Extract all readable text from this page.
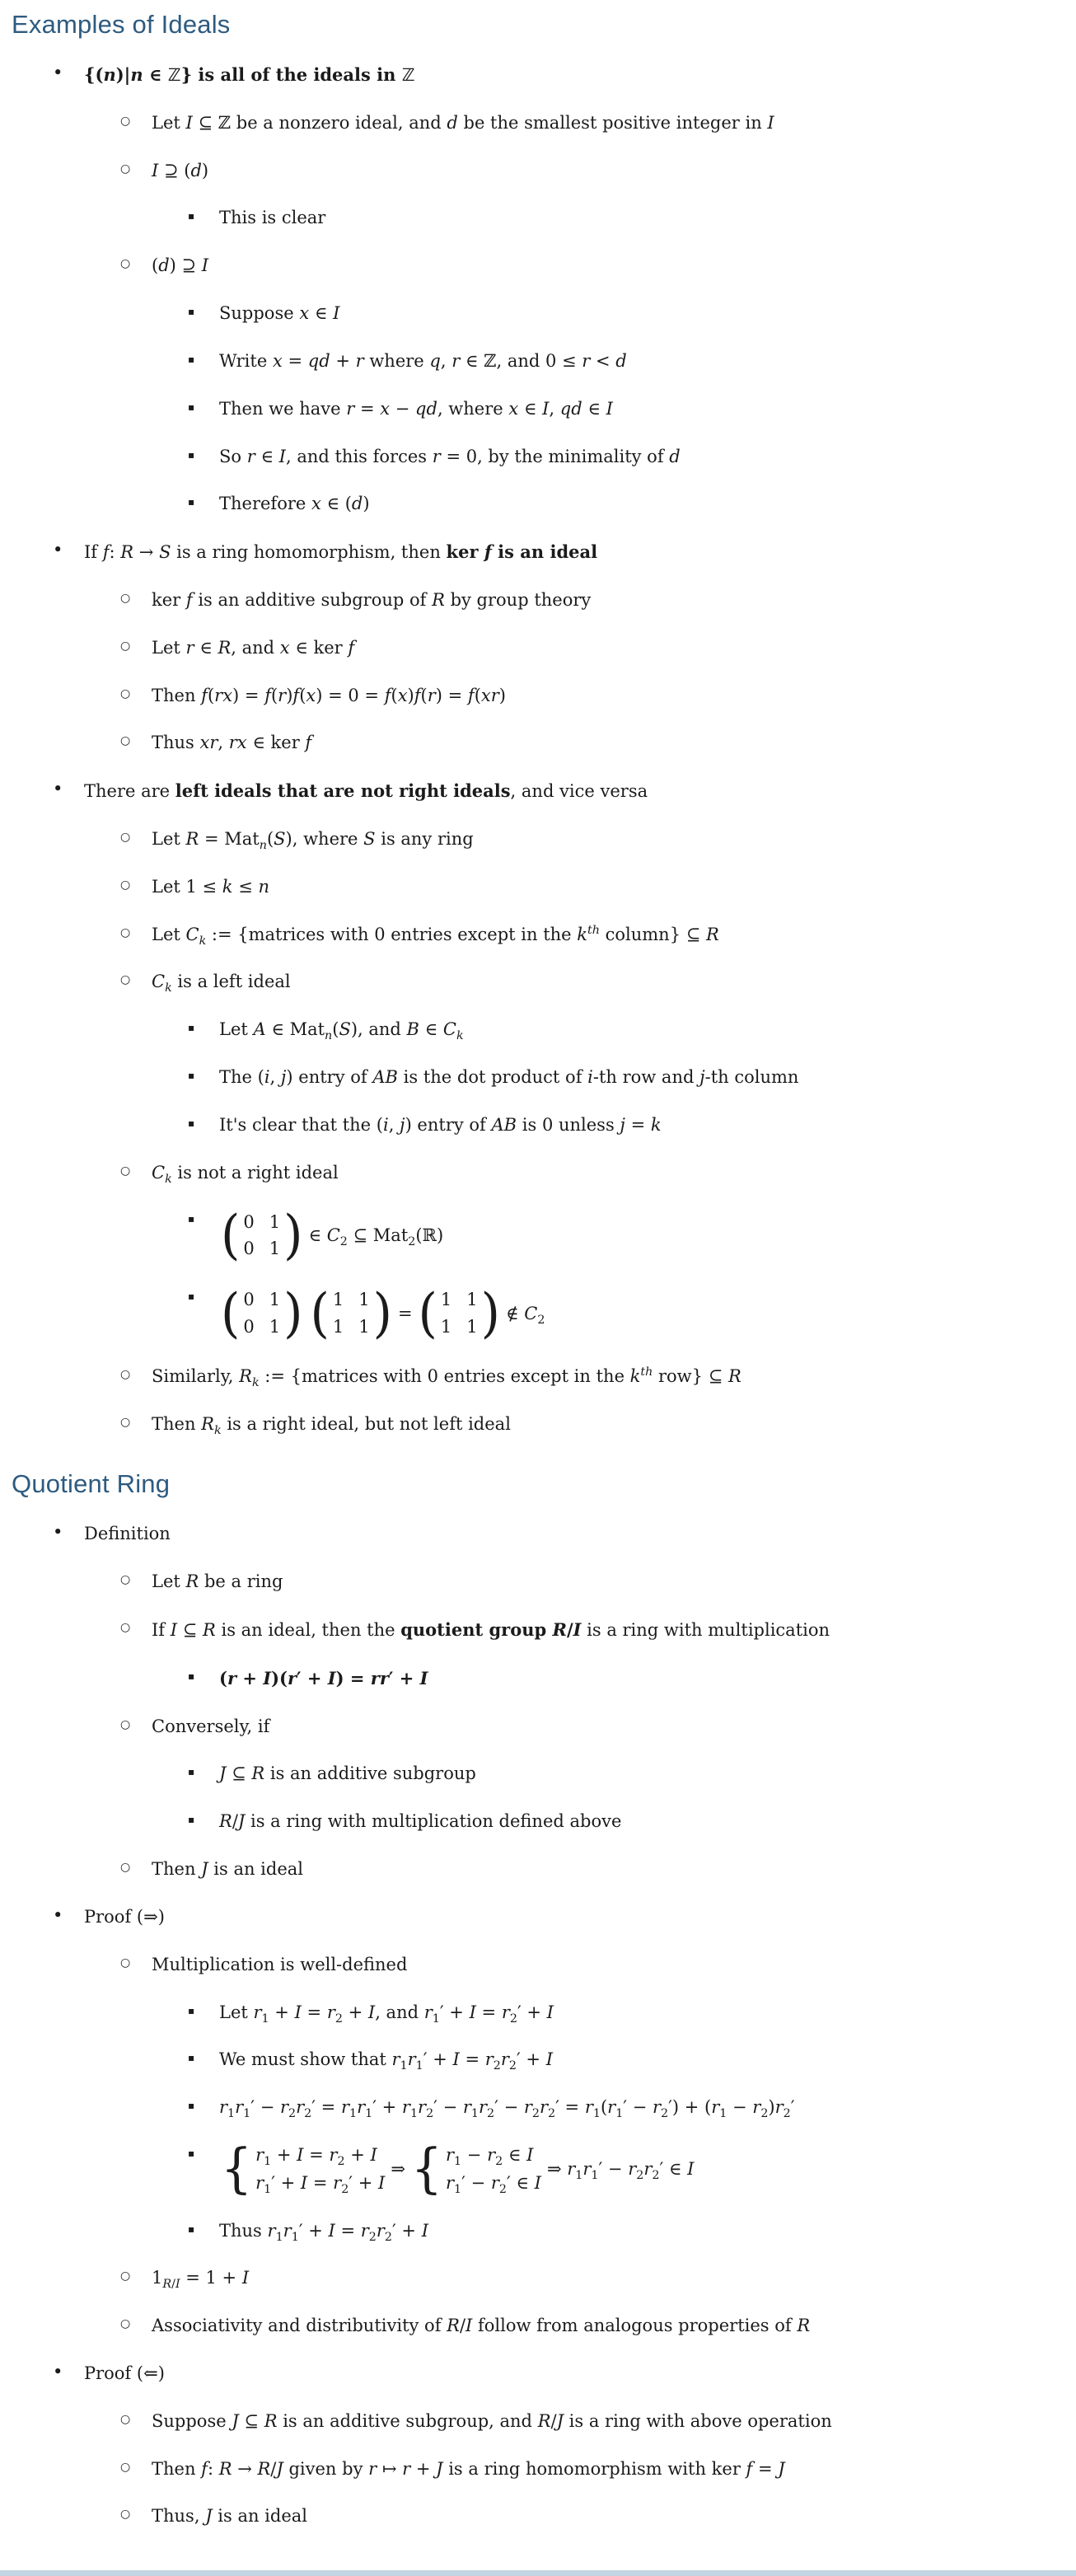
Examples of Ideals
•	{(n)|n ∈ ℤ} is all of the ideals in ℤ
○	Let I ⊆ ℤ be a nonzero ideal, and d be the smallest positive integer in I
○	I ⊇ (d)
▪	This is clear
○	(d) ⊇ I
▪	Suppose x ∈ I
▪	Write x = qd + r where q, r ∈ ℤ, and 0 ≤ r < d
▪	Then we have r = x − qd, where x ∈ I, qd ∈ I
▪	So r ∈ I, and this forces r = 0, by the minimality of d
▪	Therefore x ∈ (d)
•	If f: R → S is a ring homomorphism, then ker f is an ideal
○	ker f is an additive subgroup of R by group theory
○	Let r ∈ R, and x ∈ ker f
○	Then f(rx) = f(r)f(x) = 0 = f(x)f(r) = f(xr)
○	Thus xr, rx ∈ ker f
•	There are left ideals that are not right ideals, and vice versa
○	Let R = Mat$_n$(S), where S is any ring
○	Let 1 ≤ k ≤ n
○	Let $C_k$ := {matrices with 0 entries except in the $k^{th}$ column} ⊆ R
○	$C_k$ is a left ideal
▪	Let A ∈ Mat$_n$(S), and B ∈ $C_k$
▪	The (i, j) entry of AB is the dot product of i-th row and j-th column
▪	It's clear that the (i, j) entry of AB is 0 unless j = k
○	$C_k$ is not a right ideal
▪ ( 0 1
0 1 ) ∈ $C_2$ ⊆ Mat$_2$(ℝ)
▪ ( 0 1
0 1 ) ( 1 1
1 1 ) = ( 1 1
1 1 ) ∉ $C_2$
○	Similarly, $R_k$ := {matrices with 0 entries except in the $k^{th}$ row} ⊆ R
○	Then $R_k$ is a right ideal, but not left ideal
Quotient Ring
•	Definition
○	Let R be a ring
○	If I ⊆ R is an ideal, then the quotient group R/I is a ring with multiplication
▪	(r + I)(r′ + I) = rr′ + I
○	Conversely, if
▪	J ⊆ R is an additive subgroup
▪	R/J is a ring with multiplication defined above
○	Then J is an ideal
•	Proof (⇒)
○	Multiplication is well-defined
▪	Let $r_1 + I = r_2 + I$, and $r_1' + I = r_2' + I$
▪	We must show that $r_1r_1' + I = r_2r_2' + I$
▪	$r_1r_1' - r_2r_2' = r_1r_1' + r_1r_2' - r_1r_2' - r_2r_2' = r_1(r_1' - r_2') + (r_1 - r_2)r_2'$
▪ { $r_1 + I = r_2 + I$
$r_1' + I = r_2' + I$
⇒ { $r_1 - r_2$ ∈ I
$r_1' - r_2'$ ∈ I
⇒ $r_1r_1' - r_2r_2'$ ∈ I
▪	Thus $r_1r_1' + I = r_2r_2' + I$
○	$1_{R/I} = 1 + I$
○	Associativity and distributivity of R/I follow from analogous properties of R
•	Proof (⇐)
○	Suppose J ⊆ R is an additive subgroup, and R/J is a ring with above operation
○	Then f: R → R/J given by r ↦ r + J is a ring homomorphism with ker f = J
○	Thus, J is an ideal
